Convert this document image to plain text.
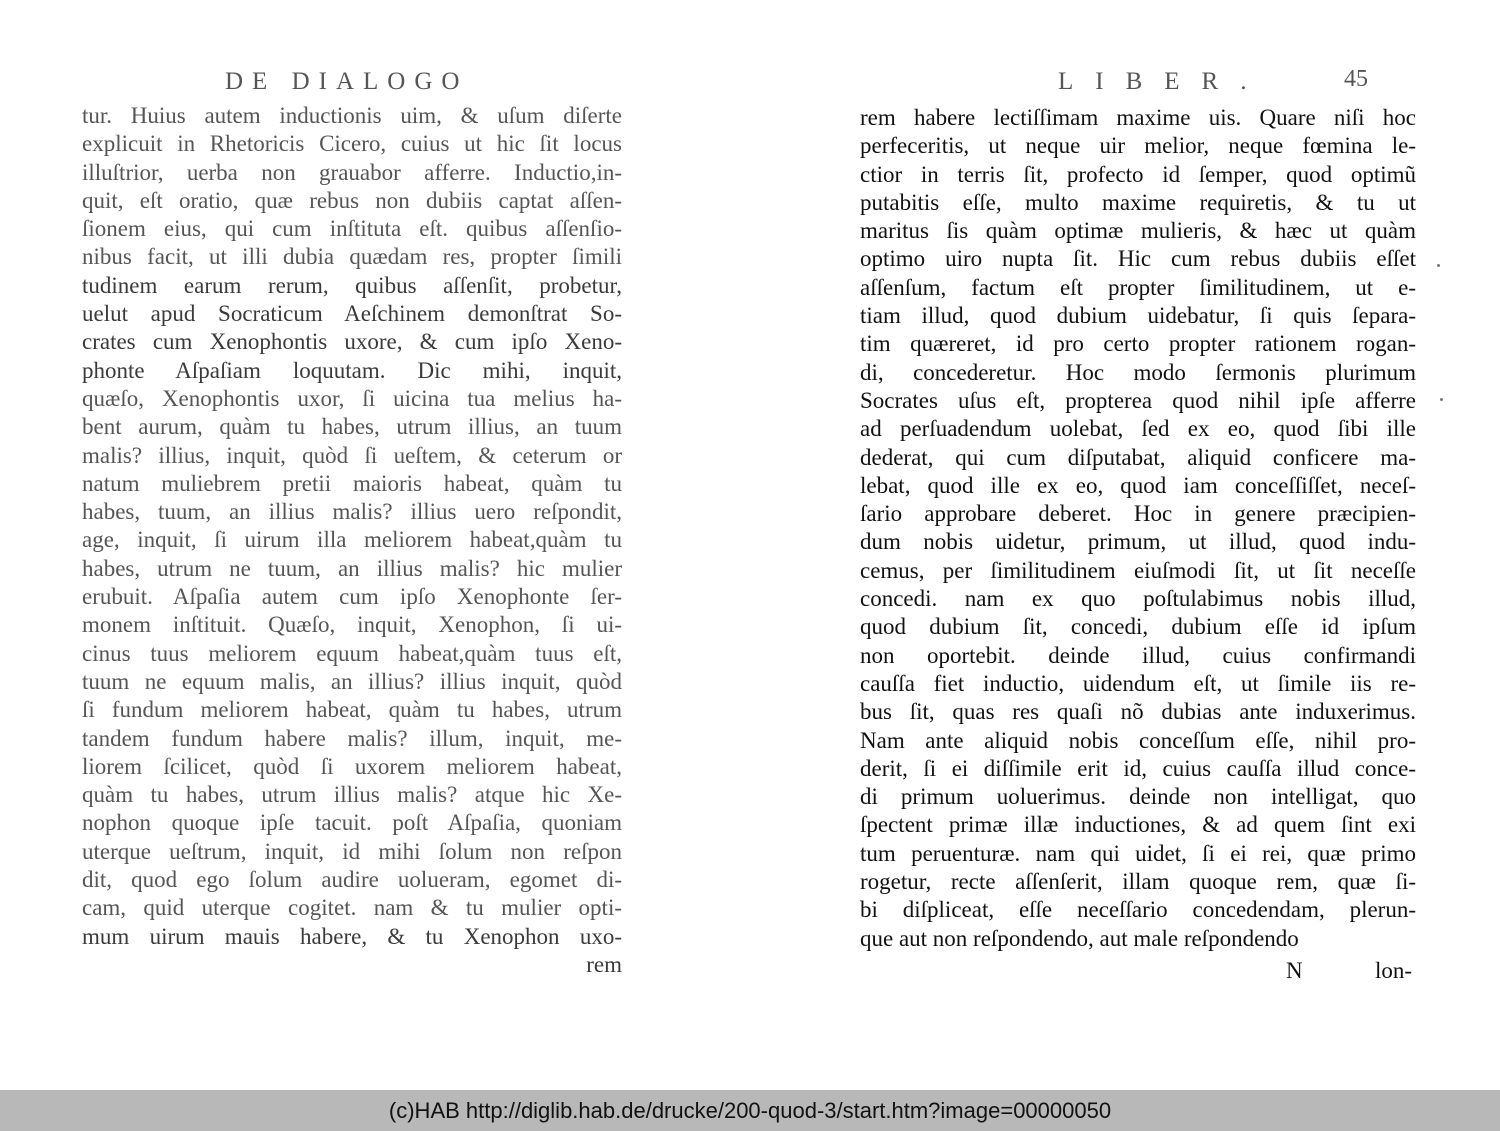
DE DIALOGO
tur. Huius autem inductionis uim, & uſum diſerte
explicuit in Rhetoricis Cicero, cuius ut hic ſit locus
illuſtrior, uerba non grauabor afferre. Inductio,in-
quit, eſt oratio, quæ rebus non dubiis captat aſſen-
ſionem eius, qui cum inſtituta eſt. quibus aſſenſio-
nibus facit, ut illi dubia quædam res, propter ſimili
tudinem earum rerum, quibus aſſenſit, probetur,
uelut apud Socraticum Aeſchinem demonſtrat So-
crates cum Xenophontis uxore, & cum ipſo Xeno-
phonte Aſpaſiam loquutam. Dic mihi, inquit,
quæſo, Xenophontis uxor, ſi uicina tua melius ha-
bent aurum, quàm tu habes, utrum illius, an tuum
malis? illius, inquit, quòd ſi ueſtem, & ceterum or
natum muliebrem pretii maioris habeat, quàm tu
habes, tuum, an illius malis? illius uero reſpondit,
age, inquit, ſi uirum illa meliorem habeat,quàm tu
habes, utrum ne tuum, an illius malis? hic mulier
erubuit. Aſpaſia autem cum ipſo Xenophonte ſer-
monem inſtituit. Quæſo, inquit, Xenophon, ſi ui-
cinus tuus meliorem equum habeat,quàm tuus eſt,
tuum ne equum malis, an illius? illius inquit, quòd
ſi fundum meliorem habeat, quàm tu habes, utrum
tandem fundum habere malis? illum, inquit, me-
liorem ſcilicet, quòd ſi uxorem meliorem habeat,
quàm tu habes, utrum illius malis? atque hic Xe-
nophon quoque ipſe tacuit. poſt Aſpaſia, quoniam
uterque ueſtrum, inquit, id mihi ſolum non reſpon
dit, quod ego ſolum audire uolueram, egomet di-
cam, quid uterque cogitet. nam & tu mulier opti-
mum uirum mauis habere, & tu Xenophon uxo-
rem
LIBER.	45
rem habere lectiſſimam maxime uis. Quare niſi hoc
perfeceritis, ut neque uir melior, neque fœmina le-
ctior in terris ſit, profecto id ſemper, quod optimũ
putabitis eſſe, multo maxime requiretis, & tu ut
maritus ſis quàm optimæ mulieris, & hæc ut quàm
optimo uiro nupta ſit. Hic cum rebus dubiis eſſet
aſſenſum, factum eſt propter ſimilitudinem, ut e-
tiam illud, quod dubium uidebatur, ſi quis ſepara-
tim quæreret, id pro certo propter rationem rogan-
di, concederetur. Hoc modo ſermonis plurimum
Socrates uſus eſt, propterea quod nihil ipſe afferre
ad perſuadendum uolebat, ſed ex eo, quod ſibi ille
dederat, qui cum diſputabat, aliquid conficere ma-
lebat, quod ille ex eo, quod iam conceſſiſſet, neceſ-
ſario approbare deberet. Hoc in genere præcipien-
dum nobis uidetur, primum, ut illud, quod indu-
cemus, per ſimilitudinem eiuſmodi ſit, ut ſit neceſſe
concedi. nam ex quo poſtulabimus nobis illud,
quod dubium ſit, concedi, dubium eſſe id ipſum
non oportebit. deinde illud, cuius confirmandi
cauſſa fiet inductio, uidendum eſt, ut ſimile iis re-
bus ſit, quas res quaſi nõ dubias ante induxerimus.
Nam ante aliquid nobis conceſſum eſſe, nihil pro-
derit, ſi ei diſſimile erit id, cuius cauſſa illud conce-
di primum uoluerimus. deinde non intelligat, quo
ſpectent primæ illæ inductiones, & ad quem ſint exi
tum peruenturæ. nam qui uidet, ſi ei rei, quæ primo
rogetur, recte aſſenſerit, illam quoque rem, quæ ſi-
bi diſpliceat, eſſe neceſſario concedendam, plerun-
que aut non reſpondendo, aut male reſpondendo
N	lon-
(c)HAB http://diglib.hab.de/drucke/200-quod-3/start.htm?image=00000050
